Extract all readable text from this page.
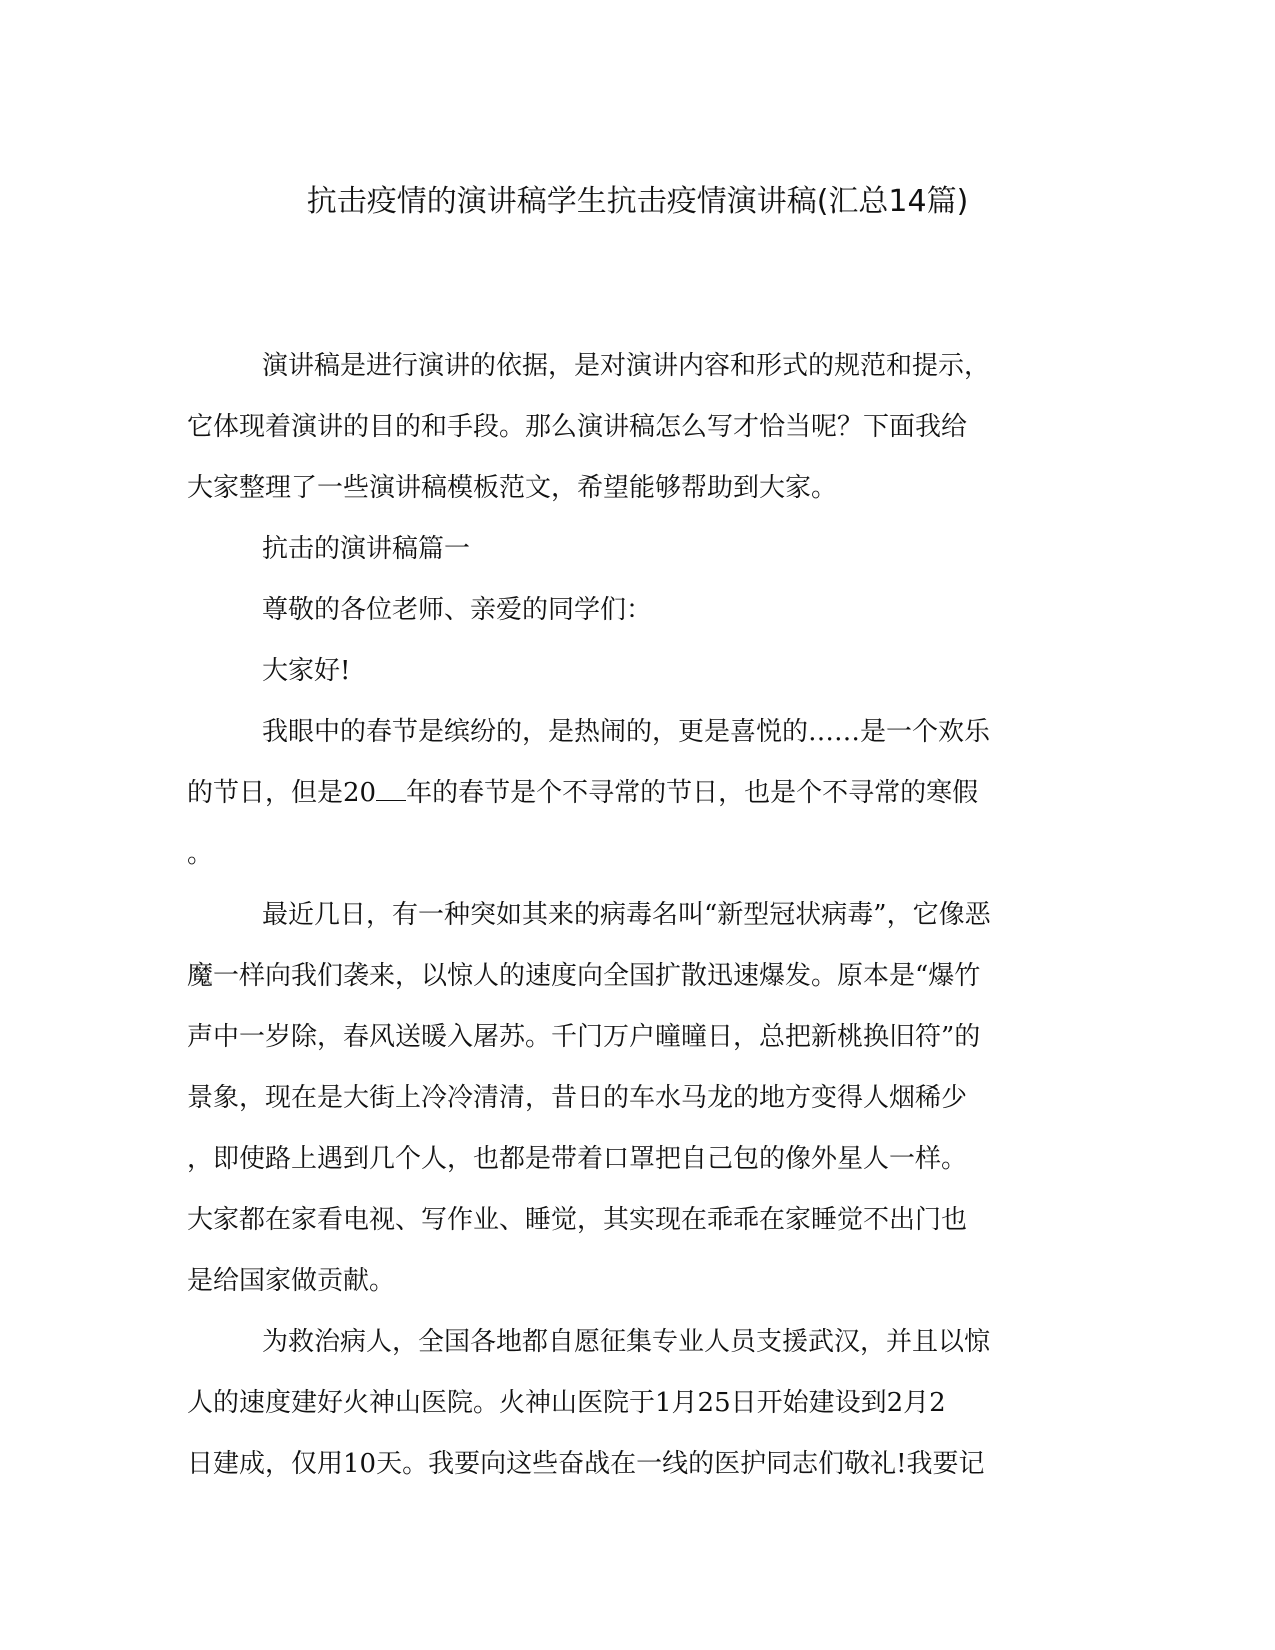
抗击疫情的演讲稿学生抗击疫情演讲稿(汇总14篇)

演讲稿是进行演讲的依据，是对演讲内容和形式的规范和提示，

它体现着演讲的目的和手段。那么演讲稿怎么写才恰当呢？下面我给

大家整理了一些演讲稿模板范文，希望能够帮助到大家。

抗击的演讲稿篇一

尊敬的各位老师、亲爱的同学们：

大家好!

我眼中的春节是缤纷的，是热闹的，更是喜悦的……是一个欢乐

的节日，但是20 年的春节是个不寻常的节日，也是个不寻常的寒假

。

最近几日，有一种突如其来的病毒名叫“新型冠状病毒”，它像恶

魔一样向我们袭来，以惊人的速度向全国扩散迅速爆发。原本是“爆竹

声中一岁除，春风送暖入屠苏。千门万户曈曈日，总把新桃换旧符”的

景象，现在是大街上冷冷清清，昔日的车水马龙的地方变得人烟稀少

，即使路上遇到几个人，也都是带着口罩把自己包的像外星人一样。

大家都在家看电视、写作业、睡觉，其实现在乖乖在家睡觉不出门也

是给国家做贡献。

为救治病人，全国各地都自愿征集专业人员支援武汉，并且以惊

人的速度建好火神山医院。火神山医院于1月25日开始建设到2月2

日建成，仅用10天。我要向这些奋战在一线的医护同志们敬礼!我要记
